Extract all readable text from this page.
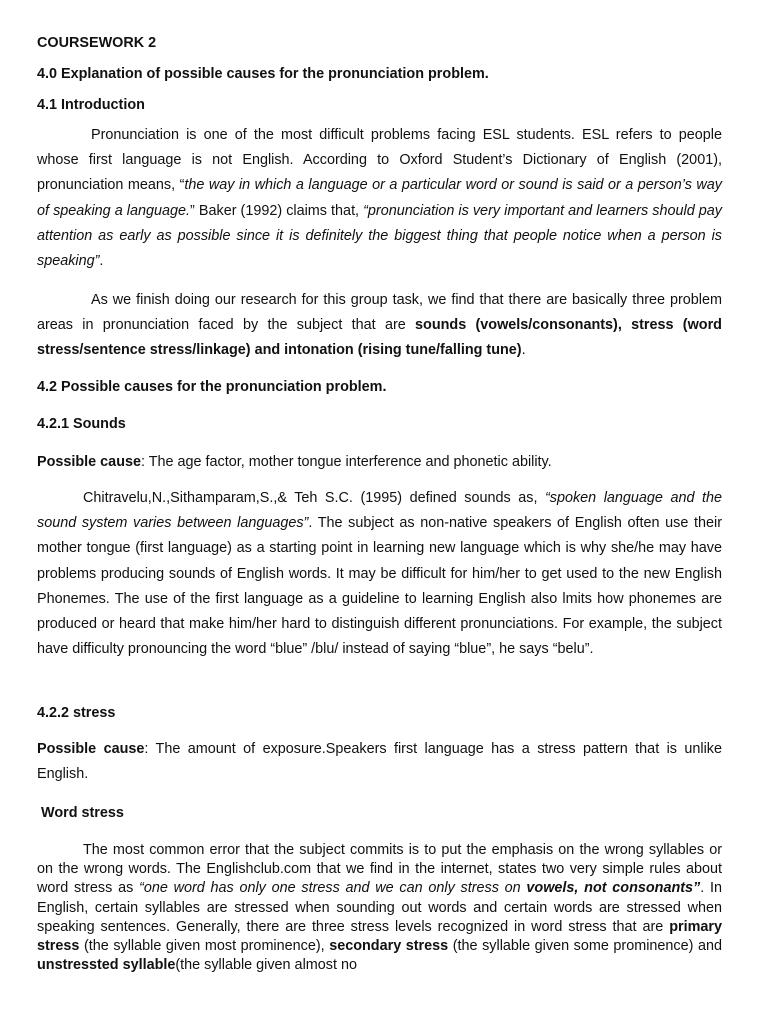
COURSEWORK 2
4.0 Explanation of possible causes for the pronunciation problem.
4.1 Introduction

Pronunciation is one of the most difficult problems facing ESL students. ESL refers to people whose first language is not English. According to Oxford Student’s Dictionary of English (2001), pronunciation means, “the way in which a language or a particular word or sound is said or a person’s way of speaking a language.” Baker (1992) claims that, “pronunciation is very important and learners should pay attention as early as possible since it is definitely the biggest thing that people notice when a person is speaking”.

As we finish doing our research for this group task, we find that there are basically three problem areas in pronunciation faced by the subject that are sounds (vowels/consonants), stress (word stress/sentence stress/linkage) and intonation (rising tune/falling tune).

4.2 Possible causes for the pronunciation problem.
4.2.1 Sounds
Possible cause: The age factor, mother tongue interference and phonetic ability.

Chitravelu,N.,Sithamparam,S.,& Teh S.C. (1995) defined sounds as, “spoken language and the sound system varies between languages”. The subject as non-native speakers of English often use their mother tongue (first language) as a starting point in learning new language which is why she/he may have problems producing sounds of English words. It may be difficult for him/her to get used to the new English Phonemes. The use of the first language as a guideline to learning English also lmits how phonemes are produced or heard that make him/her hard to distinguish different pronunciations. For example, the subject have difficulty pronouncing the word “blue” /blu/ instead of saying “blue”, he says “belu”.

4.2.2 stress

Possible cause: The amount of exposure.Speakers first language has a stress pattern that is unlike English.

Word stress

The most common error that the subject commits is to put the emphasis on the wrong syllables or on the wrong words. The Englishclub.com that we find in the internet, states two very simple rules about word stress as “one word has only one stress and we can only stress on vowels, not consonants”. In English, certain syllables are stressed when sounding out words and certain words are stressed when speaking sentences. Generally, there are three stress levels recognized in word stress that are primary stress (the syllable given most prominence), secondary stress (the syllable given some prominence) and unstressted syllable(the syllable given almost no
